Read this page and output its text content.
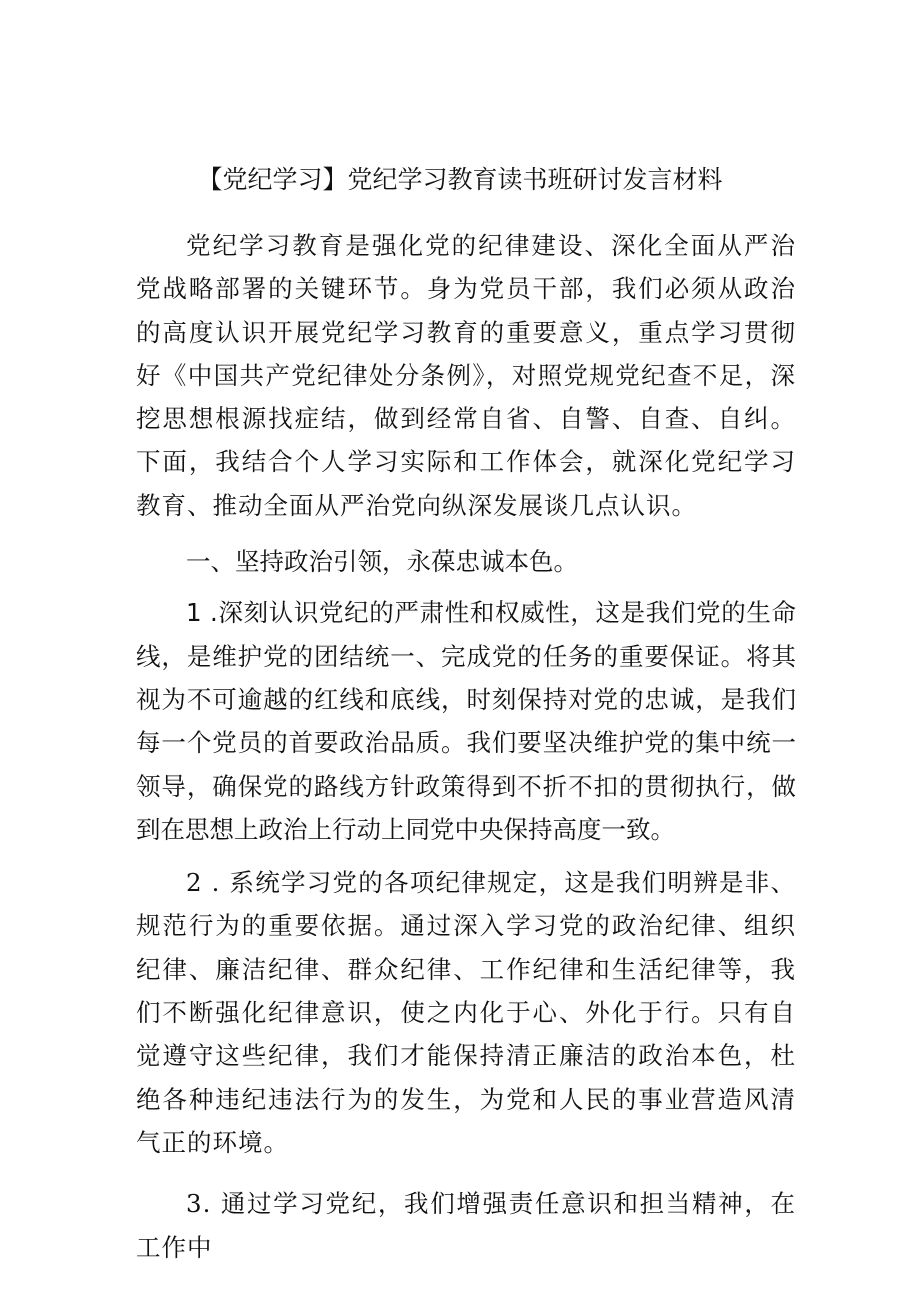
【党纪学习】党纪学习教育读书班研讨发言材料

党纪学习教育是强化党的纪律建设、深化全面从严治党战略部署的关键环节。身为党员干部，我们必须从政治的高度认识开展党纪学习教育的重要意义，重点学习贯彻好《中国共产党纪律处分条例》，对照党规党纪查不足，深挖思想根源找症结，做到经常自省、自警、自查、自纠。下面，我结合个人学习实际和工作体会，就深化党纪学习教育、推动全面从严治党向纵深发展谈几点认识。

一、坚持政治引领，永葆忠诚本色。

1 .深刻认识党纪的严肃性和权威性，这是我们党的生命线，是维护党的团结统一、完成党的任务的重要保证。将其视为不可逾越的红线和底线，时刻保持对党的忠诚，是我们每一个党员的首要政治品质。我们要坚决维护党的集中统一领导，确保党的路线方针政策得到不折不扣的贯彻执行，做到在思想上政治上行动上同党中央保持高度一致。

2 . 系统学习党的各项纪律规定，这是我们明辨是非、规范行为的重要依据。通过深入学习党的政治纪律、组织纪律、廉洁纪律、群众纪律、工作纪律和生活纪律等，我们不断强化纪律意识，使之内化于心、外化于行。只有自觉遵守这些纪律，我们才能保持清正廉洁的政治本色，杜绝各种违纪违法行为的发生，为党和人民的事业营造风清气正的环境。

3. 通过学习党纪，我们增强责任意识和担当精神，在工作中
